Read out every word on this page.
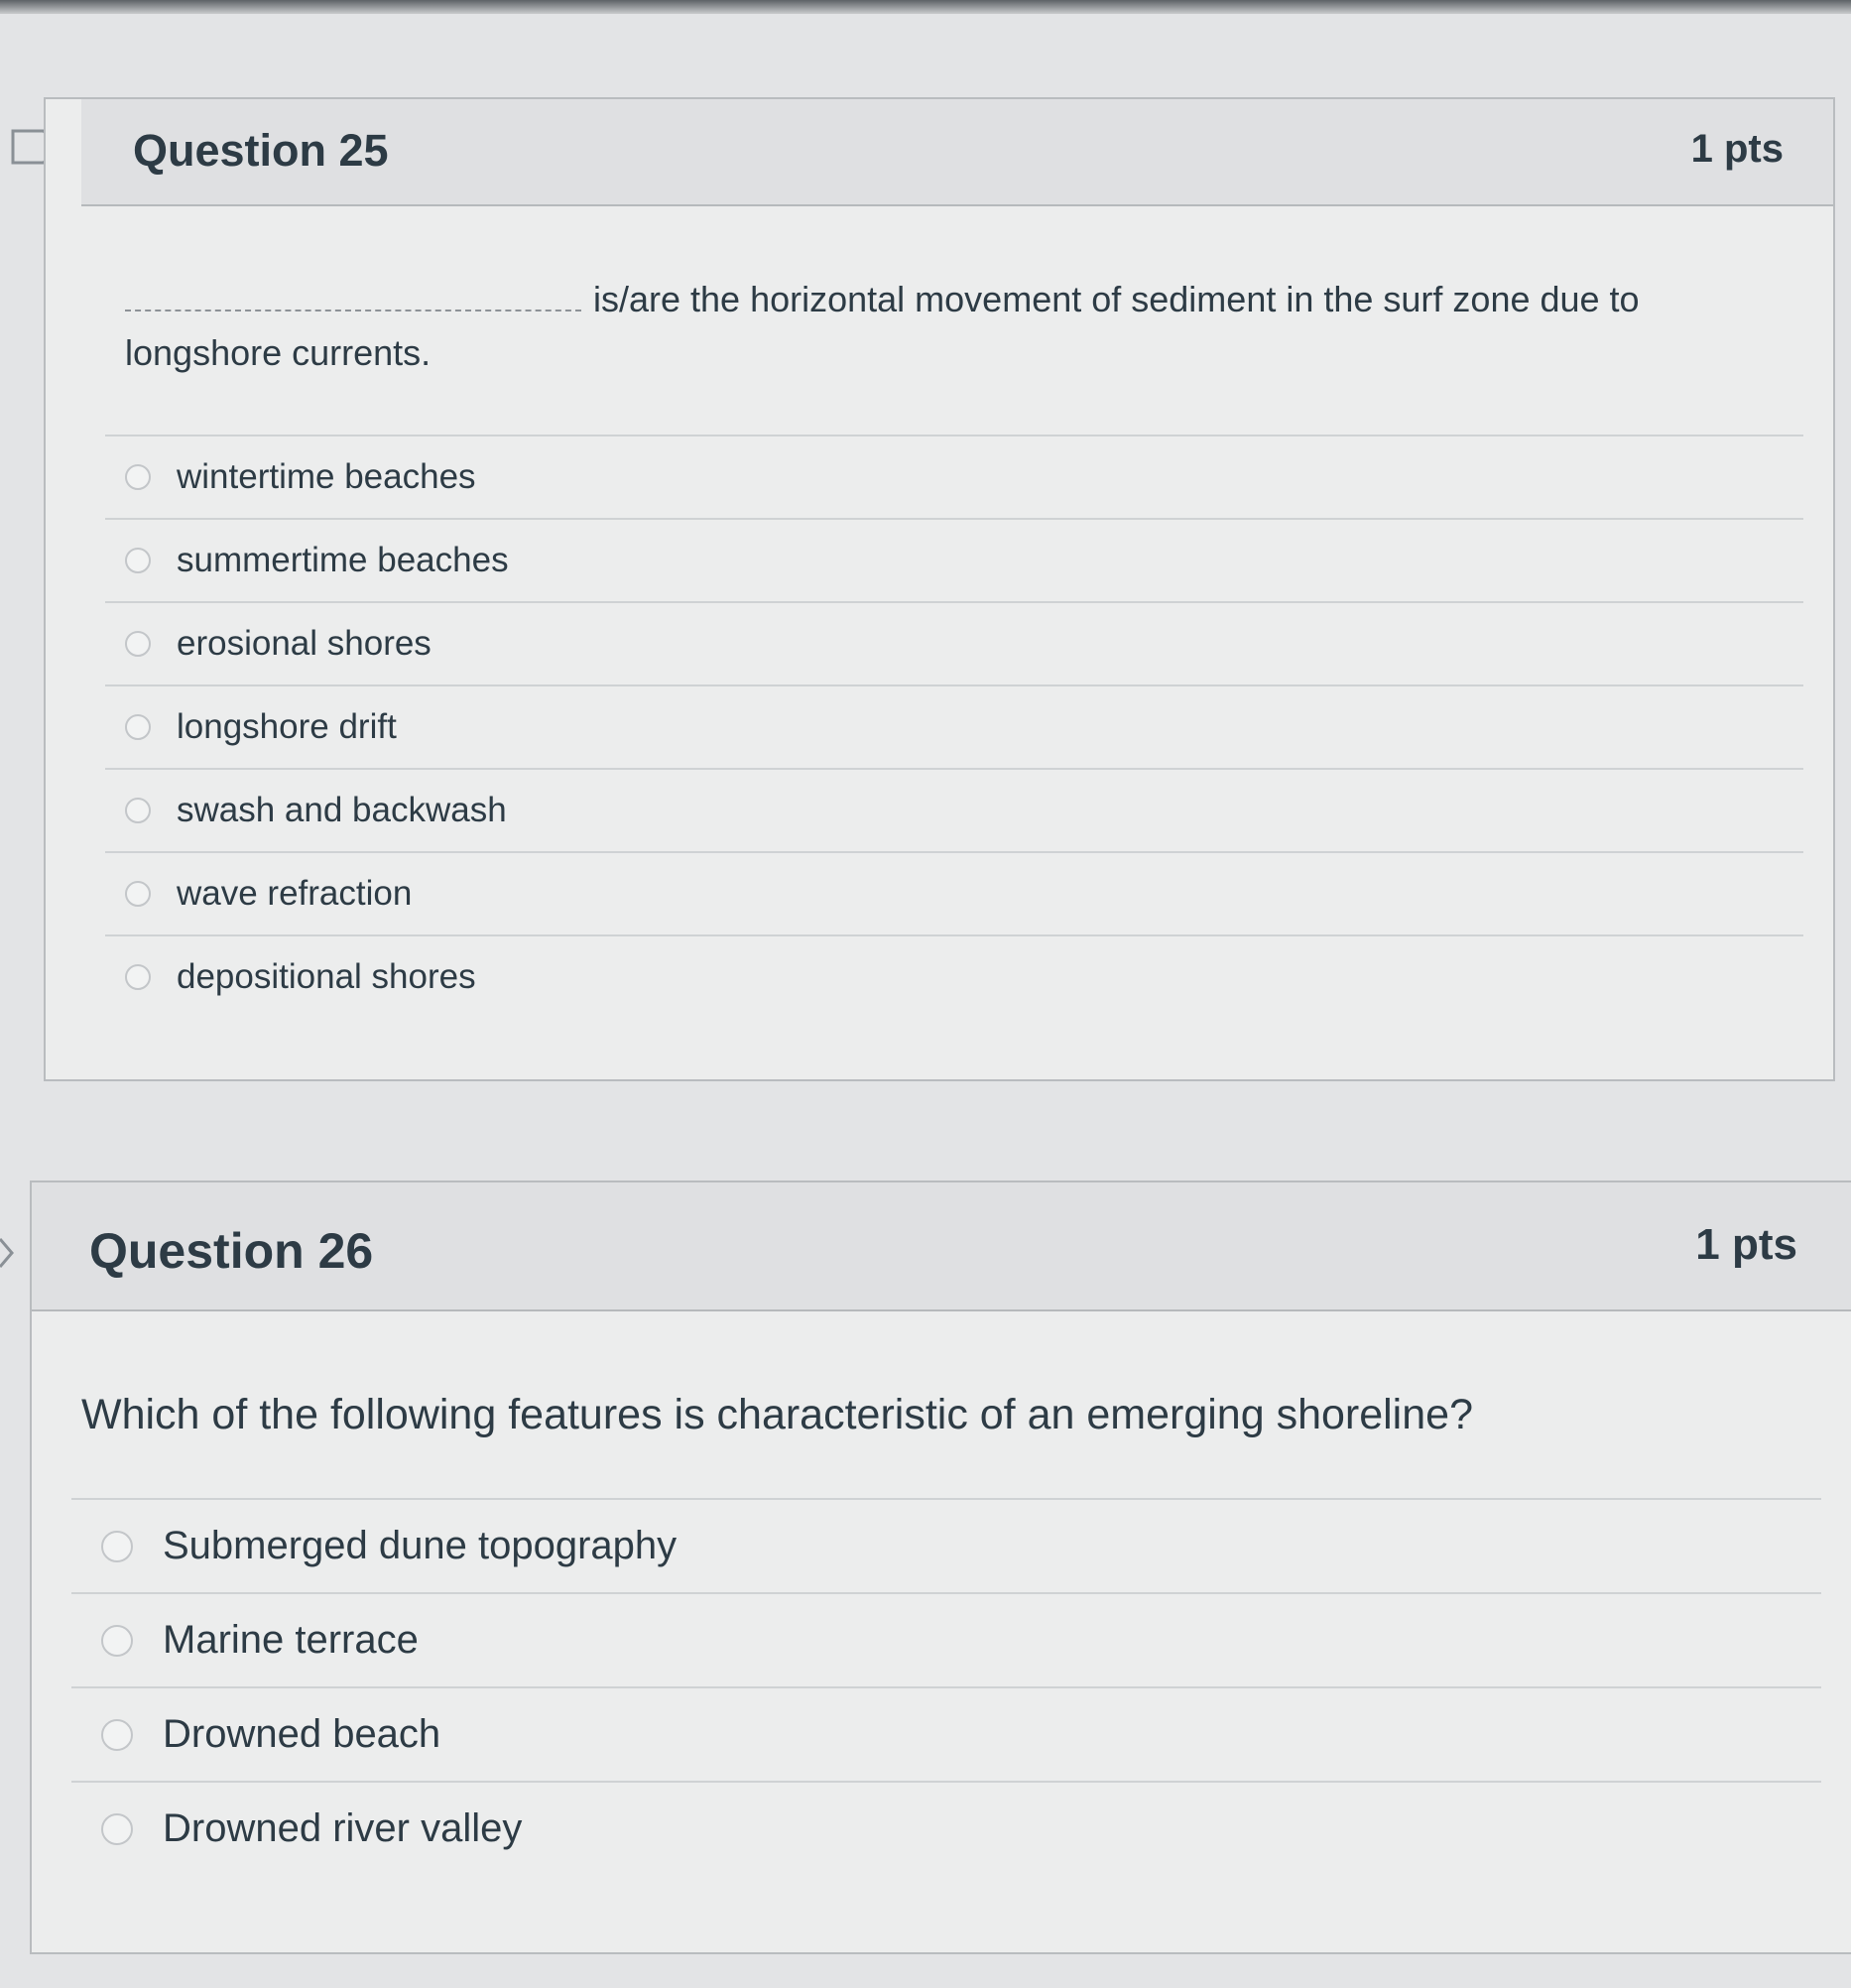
Question 25	1 pts
is/are the horizontal movement of sediment in the surf zone due to longshore currents.
wintertime beaches
summertime beaches
erosional shores
longshore drift
swash and backwash
wave refraction
depositional shores
Question 26	1 pts
Which of the following features is characteristic of an emerging shoreline?
Submerged dune topography
Marine terrace
Drowned beach
Drowned river valley
